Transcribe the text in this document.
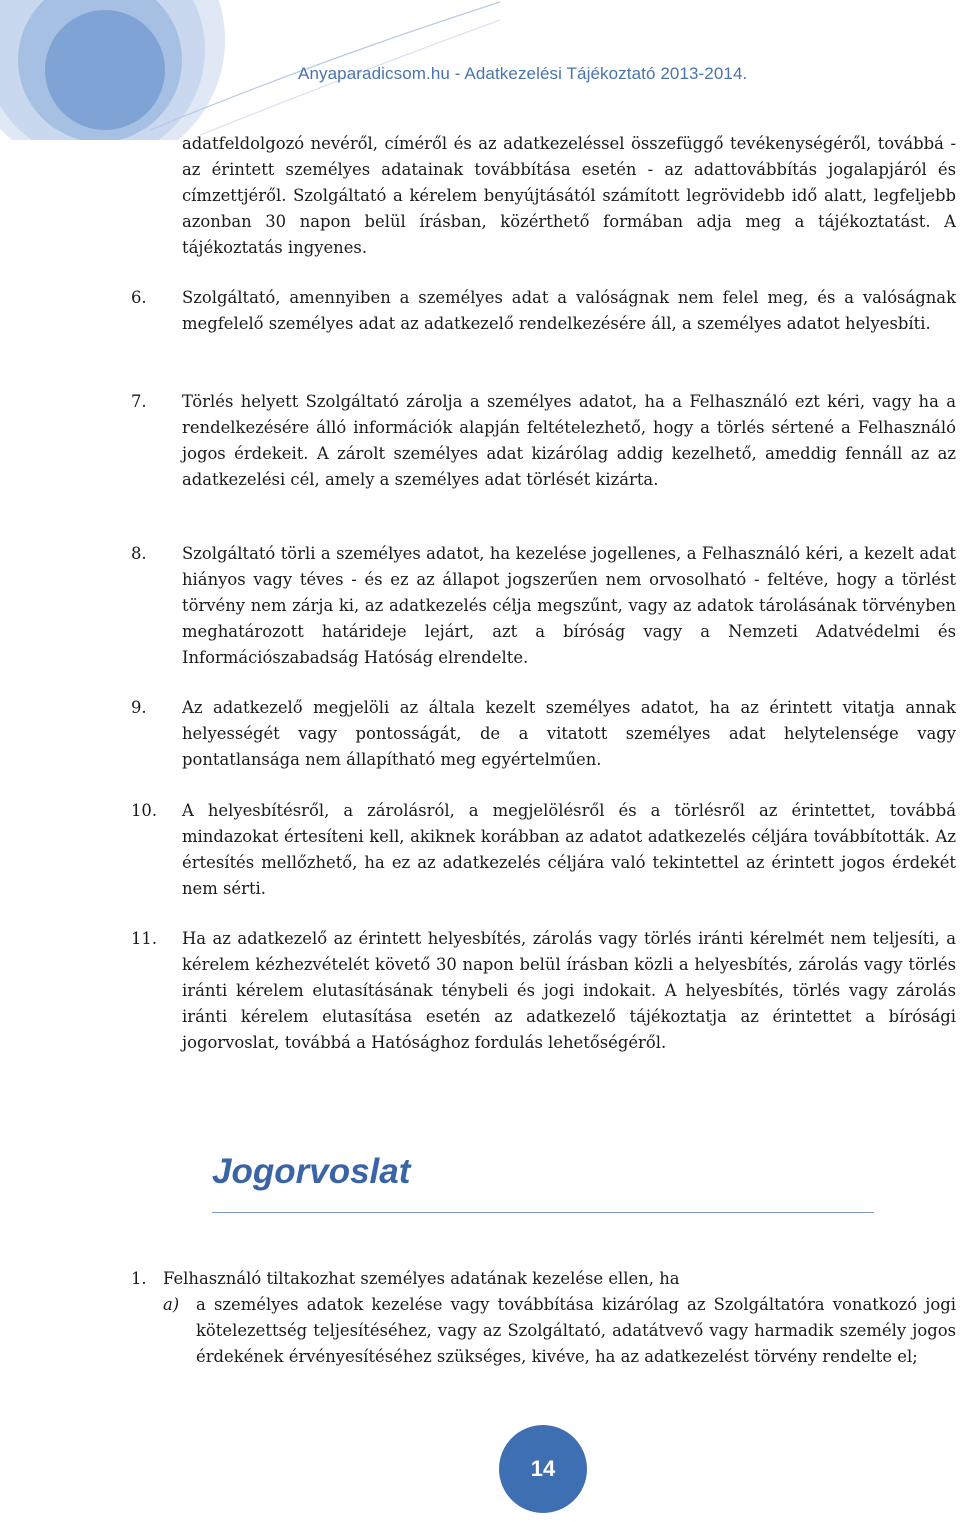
Anyaparadicsom.hu - Adatkezelési Tájékoztató 2013-2014.

adatfeldolgozó nevéről, címéről és az adatkezeléssel összefüggő tevékenységéről, továbbá - az érintett személyes adatainak továbbítása esetén - az adattovábbítás jogalapjáról és címzettjéről. Szolgáltató a kérelem benyújtásától számított legrövidebb idő alatt, legfeljebb azonban 30 napon belül írásban, közérthető formában adja meg a tájékoztatást. A tájékoztatás ingyenes.

6. Szolgáltató, amennyiben a személyes adat a valóságnak nem felel meg, és a valóságnak megfelelő személyes adat az adatkezelő rendelkezésére áll, a személyes adatot helyesbíti.

7. Törlés helyett Szolgáltató zárolja a személyes adatot, ha a Felhasználó ezt kéri, vagy ha a rendelkezésére álló információk alapján feltételezhető, hogy a törlés sértené a Felhasználó jogos érdekeit. A zárolt személyes adat kizárólag addig kezelhető, ameddig fennáll az az adatkezelési cél, amely a személyes adat törlését kizárta.

8. Szolgáltató törli a személyes adatot, ha kezelése jogellenes, a Felhasználó kéri, a kezelt adat hiányos vagy téves - és ez az állapot jogszerűen nem orvosolható - feltéve, hogy a törlést törvény nem zárja ki, az adatkezelés célja megszűnt, vagy az adatok tárolásának törvényben meghatározott határideje lejárt, azt a bíróság vagy a Nemzeti Adatvédelmi és Információszabadság Hatóság elrendelte.

9. Az adatkezelő megjelöli az általa kezelt személyes adatot, ha az érintett vitatja annak helyességét vagy pontosságát, de a vitatott személyes adat helytelensége vagy pontatlansága nem állapítható meg egyértelműen.

10. A helyesbítésről, a zárolásról, a megjelölésről és a törlésről az érintettet, továbbá mindazokat értesíteni kell, akiknek korábban az adatot adatkezelés céljára továbbították. Az értesítés mellőzhető, ha ez az adatkezelés céljára való tekintettel az érintett jogos érdekét nem sérti.

11. Ha az adatkezelő az érintett helyesbítés, zárolás vagy törlés iránti kérelmét nem teljesíti, a kérelem kézhezvételét követő 30 napon belül írásban közli a helyesbítés, zárolás vagy törlés iránti kérelem elutasításának ténybeli és jogi indokait. A helyesbítés, törlés vagy zárolás iránti kérelem elutasítása esetén az adatkezelő tájékoztatja az érintettet a bírósági jogorvoslat, továbbá a Hatósághoz fordulás lehetőségéről.

Jogorvoslat

1. Felhasználó tiltakozhat személyes adatának kezelése ellen, ha

a) a személyes adatok kezelése vagy továbbítása kizárólag az Szolgáltatóra vonatkozó jogi kötelezettség teljesítéséhez, vagy az Szolgáltató, adatátvevő vagy harmadik személy jogos érdekének érvényesítéséhez szükséges, kivéve, ha az adatkezelést törvény rendelte el;

14
